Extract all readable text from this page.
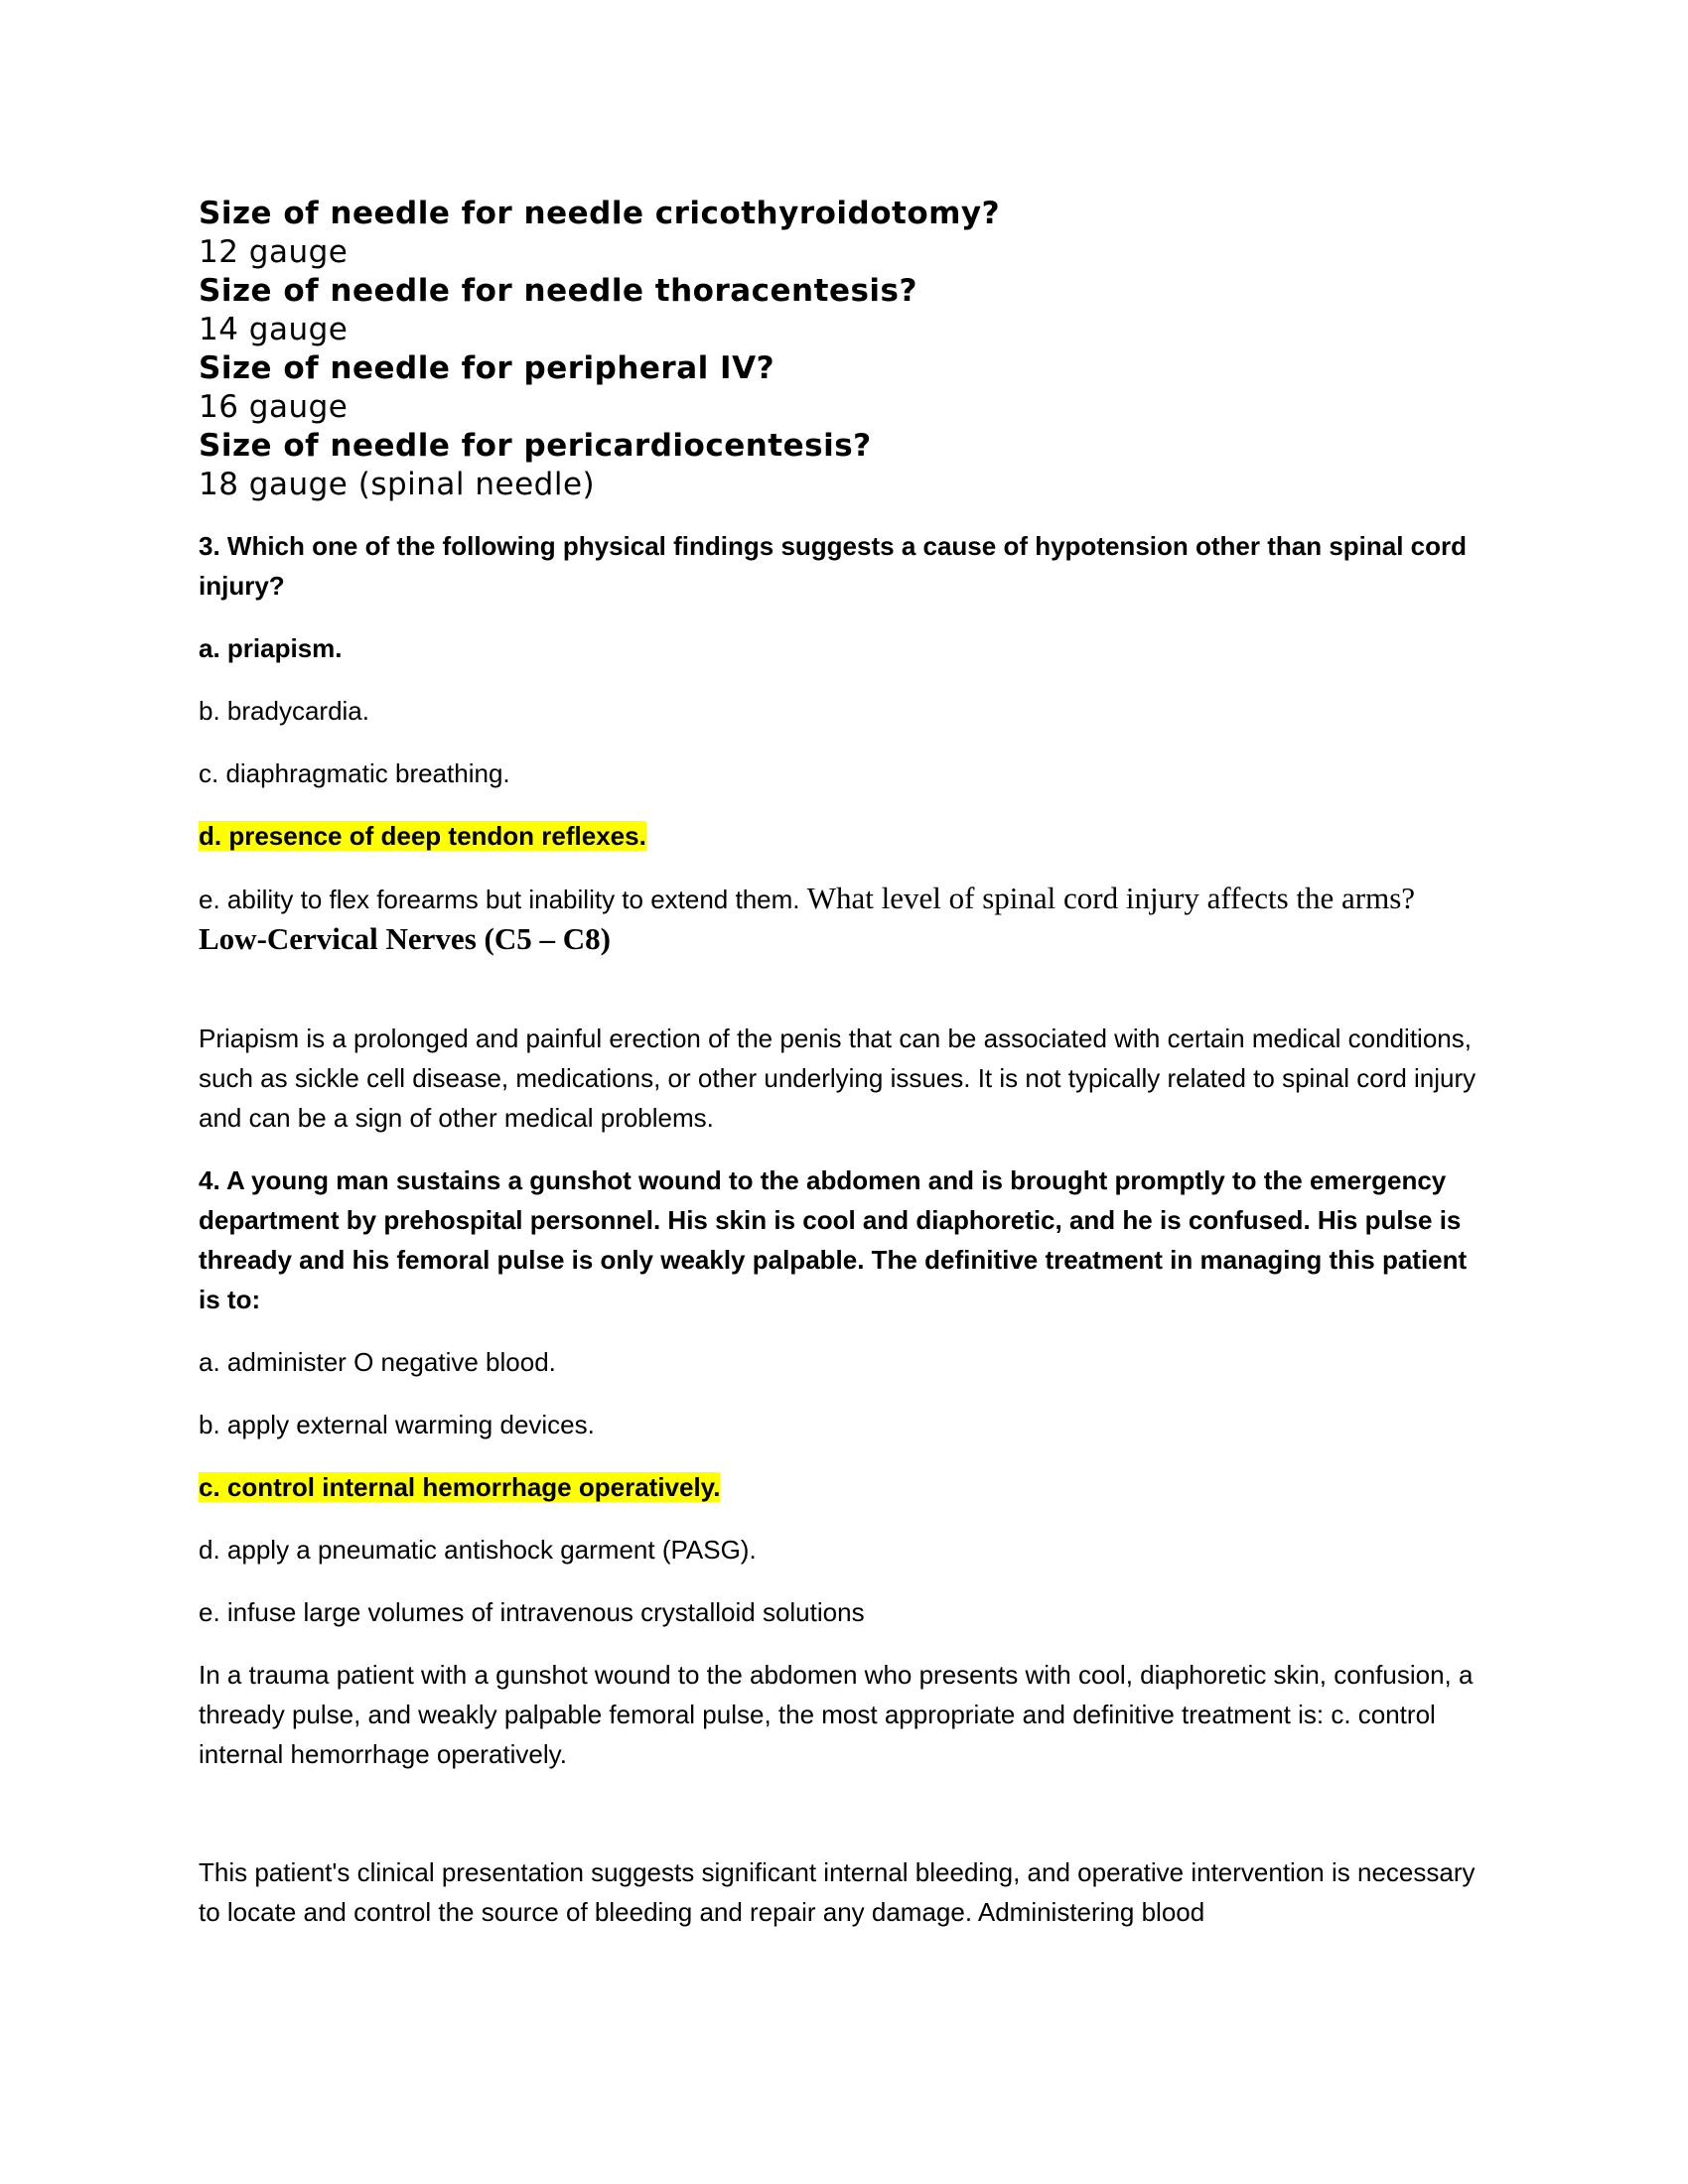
Size of needle for needle cricothyroidotomy?

12 gauge

Size of needle for needle thoracentesis?

14 gauge

Size of needle for peripheral IV?

16 gauge

Size of needle for pericardiocentesis?

18 gauge (spinal needle)

3. Which one of the following physical findings suggests a cause of hypotension other than spinal cord injury?

a. priapism.

b. bradycardia.

c. diaphragmatic breathing.

d. presence of deep tendon reflexes.

e. ability to flex forearms but inability to extend them. What level of spinal cord injury affects the arms?

Low-Cervical Nerves (C5 – C8)

Priapism is a prolonged and painful erection of the penis that can be associated with certain medical conditions, such as sickle cell disease, medications, or other underlying issues. It is not typically related to spinal cord injury and can be a sign of other medical problems.

4. A young man sustains a gunshot wound to the abdomen and is brought promptly to the emergency department by prehospital personnel. His skin is cool and diaphoretic, and he is confused. His pulse is thready and his femoral pulse is only weakly palpable. The definitive treatment in managing this patient is to:

a. administer O negative blood.

b. apply external warming devices.

c. control internal hemorrhage operatively.

d. apply a pneumatic antishock garment (PASG).

e. infuse large volumes of intravenous crystalloid solutions

In a trauma patient with a gunshot wound to the abdomen who presents with cool, diaphoretic skin, confusion, a thready pulse, and weakly palpable femoral pulse, the most appropriate and definitive treatment is: c. control internal hemorrhage operatively.

This patient's clinical presentation suggests significant internal bleeding, and operative intervention is necessary to locate and control the source of bleeding and repair any damage. Administering blood
